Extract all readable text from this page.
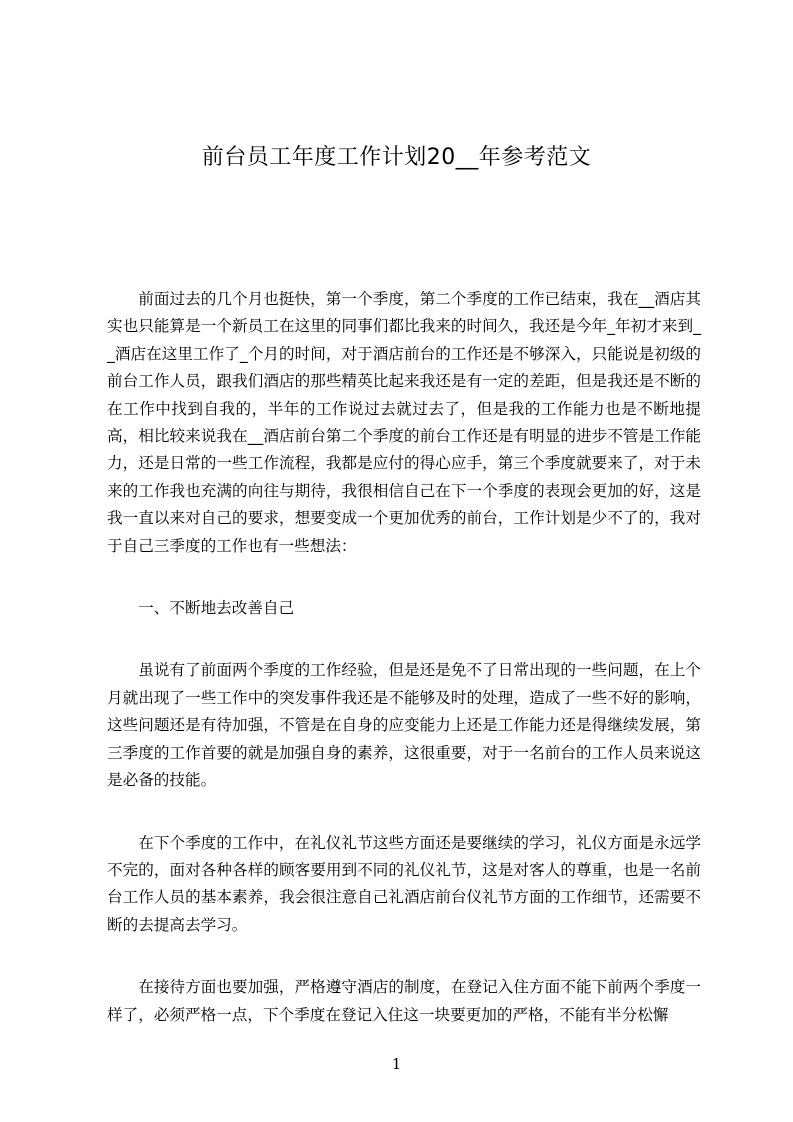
前台员工年度工作计划20__年参考范文

前面过去的几个月也挺快，第一个季度，第二个季度的工作已结束，我在__酒店其实也只能算是一个新员工在这里的同事们都比我来的时间久，我还是今年_年初才来到__酒店在这里工作了_个月的时间，对于酒店前台的工作还是不够深入，只能说是初级的前台工作人员，跟我们酒店的那些精英比起来我还是有一定的差距，但是我还是不断的在工作中找到自我的，半年的工作说过去就过去了，但是我的工作能力也是不断地提高，相比较来说我在__酒店前台第二个季度的前台工作还是有明显的进步不管是工作能力，还是日常的一些工作流程，我都是应付的得心应手，第三个季度就要来了，对于未来的工作我也充满的向往与期待，我很相信自己在下一个季度的表现会更加的好，这是我一直以来对自己的要求，想要变成一个更加优秀的前台，工作计划是少不了的，我对于自己三季度的工作也有一些想法：

一、不断地去改善自己

虽说有了前面两个季度的工作经验，但是还是免不了日常出现的一些问题，在上个月就出现了一些工作中的突发事件我还是不能够及时的处理，造成了一些不好的影响，这些问题还是有待加强，不管是在自身的应变能力上还是工作能力还是得继续发展，第三季度的工作首要的就是加强自身的素养，这很重要，对于一名前台的工作人员来说这是必备的技能。

在下个季度的工作中，在礼仪礼节这些方面还是要继续的学习，礼仪方面是永远学不完的，面对各种各样的顾客要用到不同的礼仪礼节，这是对客人的尊重，也是一名前台工作人员的基本素养，我会很注意自己礼酒店前台仪礼节方面的工作细节，还需要不断的去提高去学习。

在接待方面也要加强，严格遵守酒店的制度，在登记入住方面不能下前两个季度一样了，必须严格一点，下个季度在登记入住这一块要更加的严格，不能有半分松懈

1
